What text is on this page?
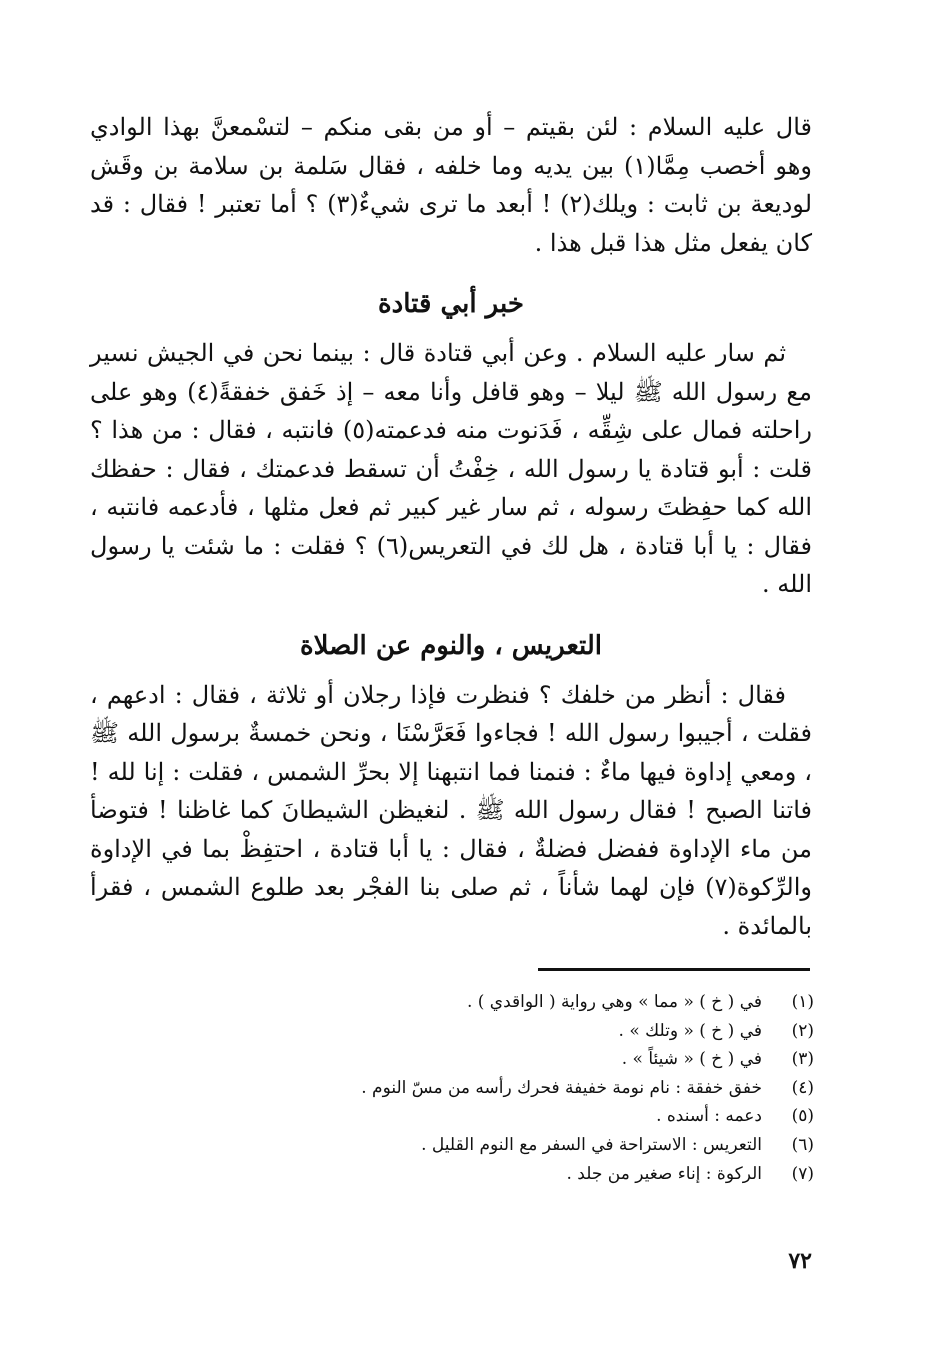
قال عليه السلام : لئن بقيتم – أو من بقى منكم – لتسْمعنَّ بهذا الوادي وهو أخصب مِمَّا(١) بين يديه وما خلفه ، فقال سَلمة بن سلامة بن وقَش لوديعة بن ثابت : ويلك(٢) ! أبعد ما ترى شيءٌ(٣) ؟ أما تعتبر ! فقال : قد كان يفعل مثل هذا قبل هذا .

خبر أبي قتادة

ثم سار عليه السلام . وعن أبي قتادة قال : بينما نحن في الجيش نسير مع رسول الله ﷺ ليلا – وهو قافل وأنا معه – إذ خَفق خفقةً(٤) وهو على راحلته فمال على شِقِّه ، فَدَنوت منه فدعمته(٥) فانتبه ، فقال : من هذا ؟ قلت : أبو قتادة يا رسول الله ، خِفْتُ أن تسقط فدعمتك ، فقال : حفظك الله كما حفِظتَ رسوله ، ثم سار غير كبير ثم فعل مثلها ، فأدعمه فانتبه ، فقال : يا أبا قتادة ، هل لك في التعريس(٦) ؟ فقلت : ما شئت يا رسول الله .

التعريس ، والنوم عن الصلاة

فقال : أنظر من خلفك ؟ فنظرت فإذا رجلان أو ثلاثة ، فقال : ادعهم ، فقلت ، أجيبوا رسول الله ! فجاءوا فَعَرَّسْنَا ، ونحن خمسةٌ برسول الله ﷺ ، ومعي إداوة فيها ماءٌ : فنمنا فما انتبهنا إلا بحرِّ الشمس ، فقلت : إنا لله ! فاتنا الصبح ! فقال رسول الله ﷺ . لنغيظن الشيطانَ كما غاظنا ! فتوضأ من ماء الإداوة ففضل فضلةٌ ، فقال : يا أبا قتادة ، احتفِظْ بما في الإداوة والرِّكوة(٧) فإن لهما شأناً ، ثم صلى بنا الفجْر بعد طلوع الشمس ، فقرأ بالمائدة .

(١)
في ( خ ) « مما » وهي رواية ( الواقدي ) .
(٢)
في ( خ ) « وتلك » .
(٣)
في ( خ ) « شيئاً » .
(٤)
خفق خفقة : نام نومة خفيفة فحرك رأسه من مسّ النوم .
(٥)
دعمه : أسنده .
(٦)
التعريس : الاستراحة في السفر مع النوم القليل .
(٧)
الركوة : إناء صغير من جلد .
٧٢
